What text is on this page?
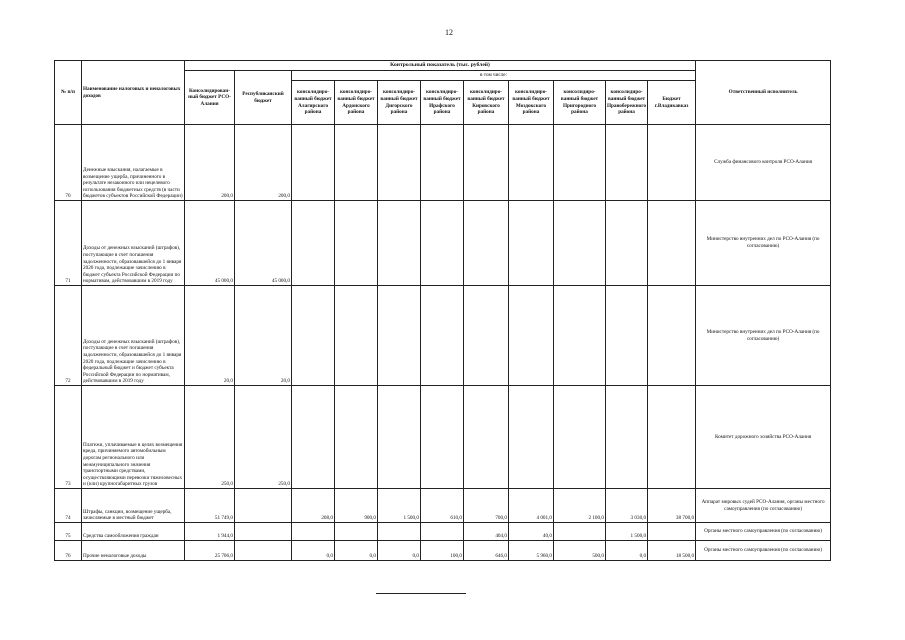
12
№ п/п	Наименование налоговых и неналоговых доходов	Контрольный показатель (тыс. рублей)											Ответственный исполнитель
		Консолидирован-ный бюджет РСО-Алания	Республиканский бюджет	в том числе:									
				консолидиро-ванный бюджет Алагирского района	консолидиро-ванный бюджет Ардонского района	консолидиро-ванный бюджет Дигорского района	консолидиро-ванный бюджет Ирафского района	консолидиро-ванный бюджет Кировского района	консолидиро-ванный бюджет Моздокского района	консолидиро-ванный бюджет Пригородного района	консолидиро-ванный бюджет Правобережного района	Бюджет г.Владикавказ	
70	Денежные взыскания, налагаемые в возмещение ущерба, причиненного в результате незаконного или нецелевого использования бюджетных средств (в части бюджетов субъектов Российской Федерации)	200,0	200,0										Служба финансового контроля РСО-Алания
71	Доходы от денежных взысканий (штрафов), поступающие в счет погашения задолженности, образовавшейся до 1 января 2020 года, подлежащие зачислению в бюджет субъекта Российской Федерации по нормативам, действовавшим в 2019 году	45 000,0	45 000,0										Министерство внутренних дел по РСО-Алания (по согласованию)
72	Доходы от денежных взысканий (штрафов), поступающие в счет погашения задолженности, образовавшейся до 1 января 2020 года, подлежащие зачислению в федеральный бюджет и бюджет субъекта Российской Федерации по нормативам, действовавшим в 2019 году	20,0	20,0										Министерство внутренних дел по РСО-Алания (по согласованию)
73	Платежи, уплачиваемые в целях возмещения вреда, причиняемого автомобильным дорогам регионального или межмуниципального значения транспортными средствами, осуществляющими перевозки тяжеловесных и (или) крупногабаритных грузов	250,0	250,0										Комитет дорожного хозяйства РСО-Алания
74	Штрафы, санкции, возмещение ущерба, зачисляемые в местный бюджет	51 749,0		208,0	900,0	1 500,0	610,0	700,0	4 001,0	2 100,0	3 030,0	38 700,0	Аппарат мировых судей РСО-Алания, органы местного самоуправления (по согласованию)
75	Средства самообложения граждан	1 944,0						404,0	40,0		1 500,0		Органы местного самоуправления (по согласованию)
76	Прочие неналоговые доходы	25 706,0		0,0	0,0	0,0	100,0	646,0	5 960,0	500,0	0,0	18 500,0	Органы местного самоуправления (по согласованию)
